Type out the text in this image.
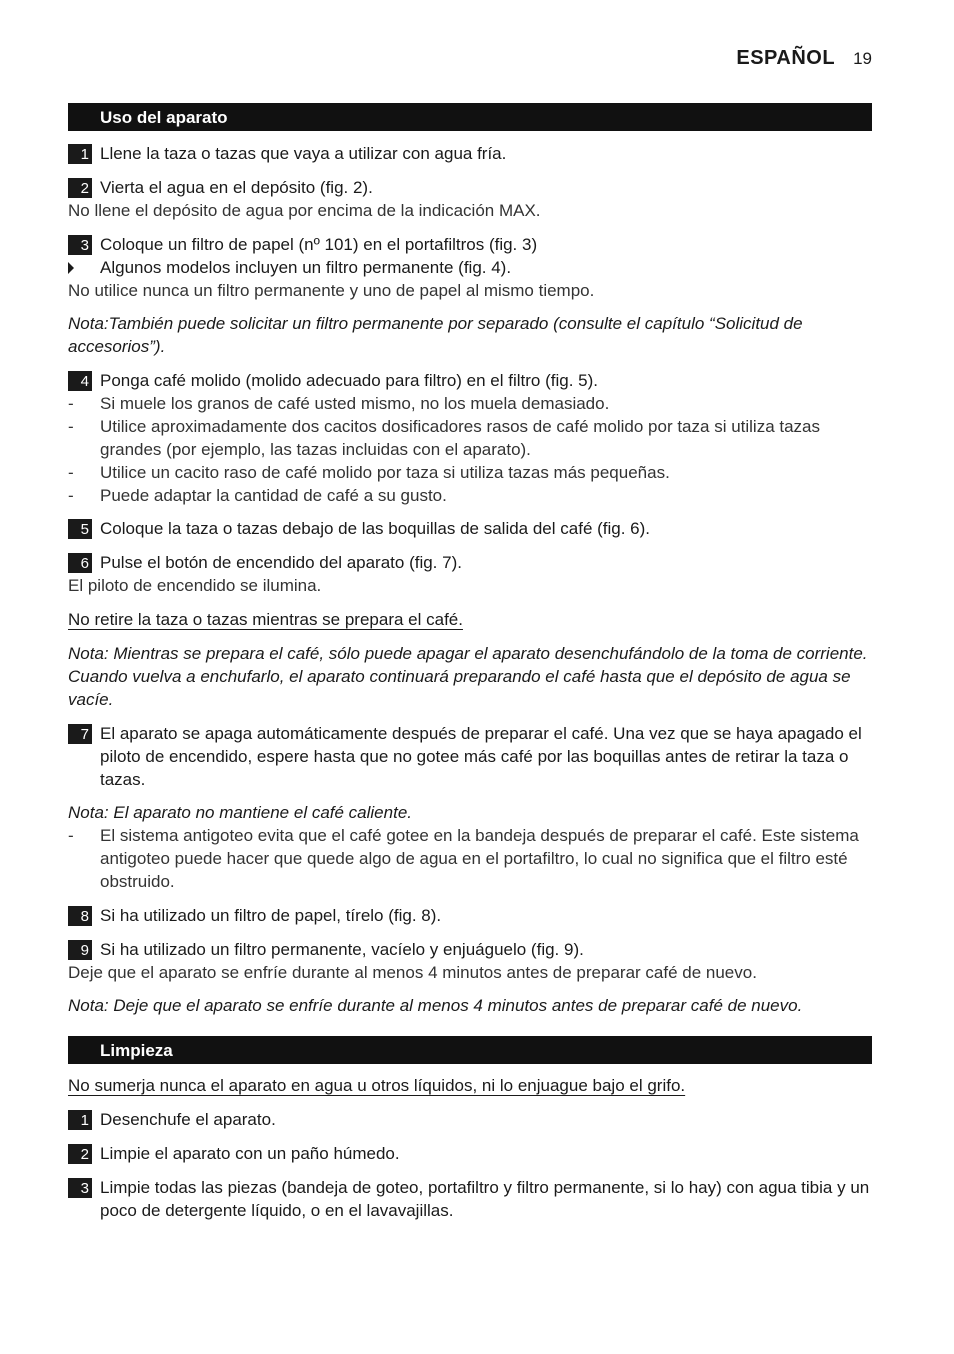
ESPAÑOL 19
Uso del aparato
1 Llene la taza o tazas que vaya a utilizar con agua fría.
2 Vierta el agua en el depósito (fig. 2).
No llene el depósito de agua por encima de la indicación MAX.
3 Coloque un filtro de papel (nº 101) en el portafiltros (fig. 3)
Algunos modelos incluyen un filtro permanente (fig. 4).
No utilice nunca un filtro permanente y uno de papel al mismo tiempo.
Nota:También puede solicitar un filtro permanente por separado (consulte el capítulo “Solicitud de accesorios”).
4 Ponga café molido (molido adecuado para filtro) en el filtro (fig. 5).
- Si muele los granos de café usted mismo, no los muela demasiado.
- Utilice aproximadamente dos cacitos dosificadores rasos de café molido por taza si utiliza tazas grandes (por ejemplo, las tazas incluidas con el aparato).
- Utilice un cacito raso de café molido por taza si utiliza tazas más pequeñas.
- Puede adaptar la cantidad de café a su gusto.
5 Coloque la taza o tazas debajo de las boquillas de salida del café (fig. 6).
6 Pulse el botón de encendido del aparato (fig. 7).
El piloto de encendido se ilumina.
No retire la taza o tazas mientras se prepara el café.
Nota: Mientras se prepara el café, sólo puede apagar el aparato desenchufándolo de la toma de corriente. Cuando vuelva a enchufarlo, el aparato continuará preparando el café hasta que el depósito de agua se vacíe.
7 El aparato se apaga automáticamente después de preparar el café. Una vez que se haya apagado el piloto de encendido, espere hasta que no gotee más café por las boquillas antes de retirar la taza o tazas.
Nota: El aparato no mantiene el café caliente.
- El sistema antigoteo evita que el café gotee en la bandeja después de preparar el café. Este sistema antigoteo puede hacer que quede algo de agua en el portafiltro, lo cual no significa que el filtro esté obstruido.
8 Si ha utilizado un filtro de papel, tírelo (fig. 8).
9 Si ha utilizado un filtro permanente, vacíelo y enjuáguelo (fig. 9).
Deje que el aparato se enfríe durante al menos 4 minutos antes de preparar café de nuevo.
Nota: Deje que el aparato se enfríe durante al menos 4 minutos antes de preparar café de nuevo.
Limpieza
No sumerja nunca el aparato en agua u otros líquidos, ni lo enjuague bajo el grifo.
1 Desenchufe el aparato.
2 Limpie el aparato con un paño húmedo.
3 Limpie todas las piezas (bandeja de goteo, portafiltro y filtro permanente, si lo hay) con agua tibia y un poco de detergente líquido, o en el lavavajillas.
